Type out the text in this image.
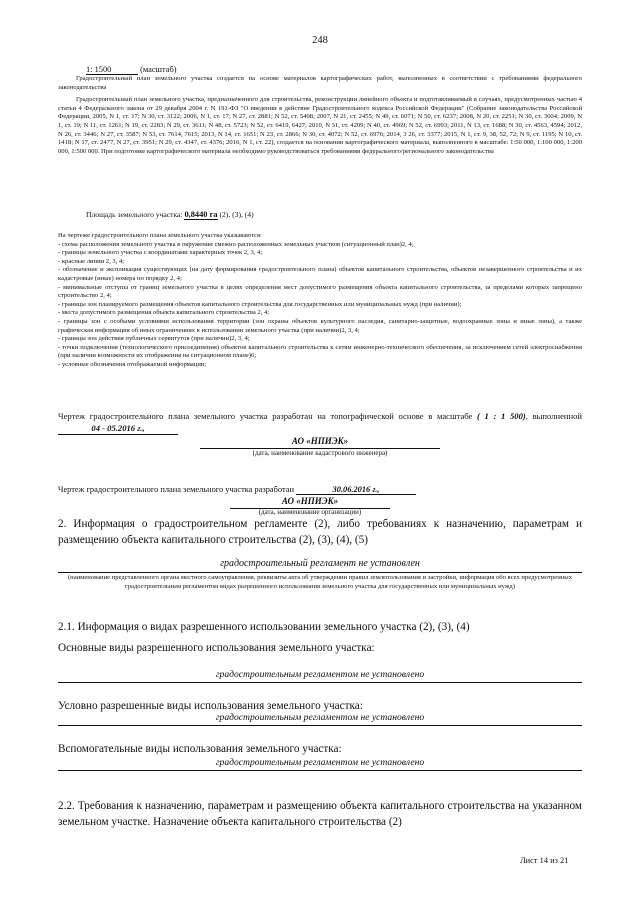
248
1: 1500	(масштаб)

Градостроительный план земельного участка создается на основе материалов картографических работ, выполненных в соответствии с требованиями федерального законодательства

Градостроительный план земельного участка, предназначенного для строительства, реконструкции линейного объекта и подготавливаемый в случаях, предусмотренных частью 4 статьи 4 Федерального закона от 29 декабря 2004 г. N 191-ФЗ "О введении в действие Градостроительного кодекса Российской Федерации" (Собрание законодательства Российской Федерации, 2005, N 1, ст. 17; N 30, ст. 3122; 2006, N 1, ст. 17; N 27, ст. 2881; N 52, ст. 5498; 2007, N 21, ст. 2455; N 49, ст. 6071; N 50, ст. 6237; 2008, N 20, ст. 2251; N 30, ст. 3604; 2009, N 1, ст. 19; N 11, ст. 1261; N 19, ст. 2283; N 29, ст. 3611; N 48, ст. 5723; N 52, ст. 6419, 6427; 2010, N 31, ст. 4209; N 40, ст. 4969; N 52, ст. 6993; 2011, N 13, ст. 1688; N 30, ст. 4563, 4594; 2012, N 26, ст. 3446; N 27, ст. 3587; N 53, ст. 7614, 7615; 2013, N 14, ст. 1651; N 23, ст. 2866; N 30, ст. 4072; N 52, ст. 6976; 2014, 3 26, ст. 3377; 2015, N 1, ст. 9, 38, 52, 72; N 9, ст. 1195; N 10, ст. 1418; N 17, ст. 2477, N 27, ст. 3951; N 29, ст. 4347, ст. 4376; 2016, N 1, ст. 22), создается на основании картографического материала, выполненного в масштабе: 1:50 000, 1:100 000, 1:200 000, 1:500 000. При подготовке картографического материала необходимо руководствоваться требованиями федерального/регионального законодательства

Площадь земельного участка: 0,8440 га (2), (3), (4)

На чертеже градостроительного плана земельного участка указываются:

- схема расположения земельного участка в окружении смежно расположенных земельных участков (ситуационный план)2, 4;

- границы земельного участка с координатами характерных точек 2, 3, 4;

- красные линии 2, 3, 4;

- обозначение и экспликация существующих (на дату формирования градостроительного плана) объектов капитального строительства, объектов незавершенного строительства и их кадастровые (иные) номера по порядку 2, 4;

- минимальные отступы от границ земельного участка в целях определения мест допустимого размещения объекта капитального строительства, за пределами которых запрещено строительство 2, 4;

- границы зон планируемого размещения объектов капитального строительства для государственных или муниципальных нужд (при наличии);

- места допустимого размещения объекта капитального строительства 2, 4;

- границы зон с особыми условиями использования территории (зон охраны объектов культурного наследия, санитарно-защитные, водоохранные зоны и иные зоны), а также графическая информация об иных ограничениях в использовании земельного участка (при наличии)2, 3, 4;

- границы зон действия публичных сервитутов (при наличии)2, 3, 4;

- точки подключения (технологического присоединения) объектов капитального строительства к сетям инженерно-технического обеспечения, за исключением сетей электроснабжения (при наличии возможности их отображения на ситуационном плане)6;

- условные обозначения отображаемой информации;

Чертеж градостроительного плана земельного участка разработан на топографической основе в масштабе ( 1 : 1 500), выполненной 04 - 05.2016 г.,
АО «НПИЭК»
(дата, наименование кадастрового инженера)
Чертеж градостроительного плана земельного участка разработан	30.06.2016 г.,
АО «НПИЭК»
(дата, наименование организации)
2. Информация о градостроительном регламенте (2), либо требованиях к назначению, параметрам и размещению объекта капитального строительства (2), (3), (4), (5)
градостроительный регламент не установлен
(наименование представленного органа местного самоуправления, реквизиты акта об утверждении правил землепользования и застройки, информация обо всех предусмотренных градостроительным регламентом видах разрешенного использования земельного участка для государственных или муниципальных нужд)
2.1. Информация о видах разрешенного использовании земельного участка (2), (3), (4)
Основные виды разрешенного использования земельного участка:
градостроительным регламентом не установлено
Условно разрешенные виды использования земельного участка:
градостроительным регламентом не установлено
Вспомогательные виды использования земельного участка:
градостроительным регламентом не установлено
2.2. Требования к назначению, параметрам и размещению объекта капитального строительства на указанном земельном участке. Назначение объекта капитального строительства (2)
Лист 14 из 21
